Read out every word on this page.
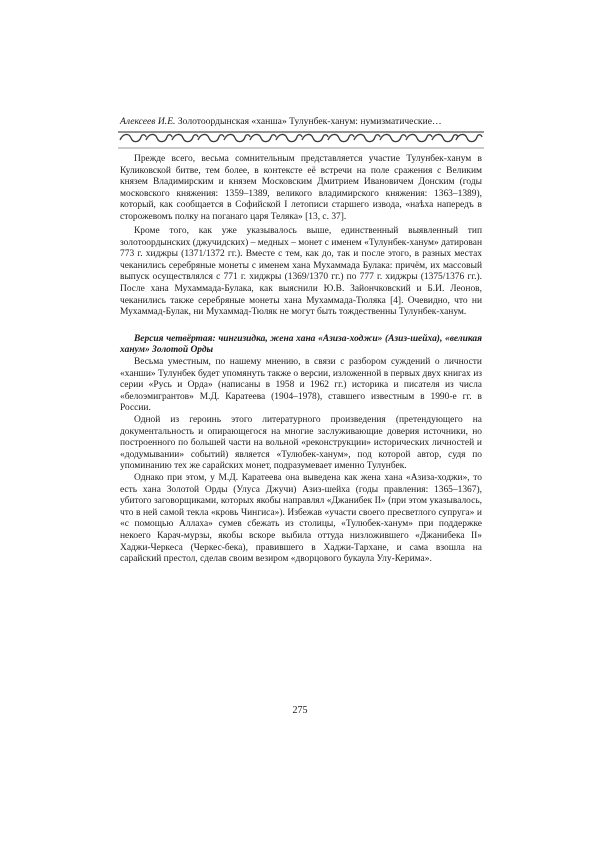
Алексеев И.Е. Золотоордынская «ханша» Тулунбек-ханум: нумизматические…

Прежде всего, весьма сомнительным представляется участие Тулунбек-ханум в Куликовской битве, тем более, в контексте её встречи на поле сражения с Великим князем Владимирским и князем Московским Дмитрием Ивановичем Донским (годы московского княжения: 1359–1389, великого владимирского княжения: 1363–1389), который, как сообщается в Софийской I летописи старшего извода, «наѣха напередъ в сторожевомъ полку на поганаго царя Теляка» [13, с. 37].

Кроме того, как уже указывалось выше, единственный выявленный тип золотоордынских (джучидских) – медных – монет с именем «Тулунбек-ханум» датирован 773 г. хиджры (1371/1372 гг.). Вместе с тем, как до, так и после этого, в разных местах чеканились серебряные монеты с именем хана Мухаммада Булака: причём, их массовый выпуск осуществлялся с 771 г. хиджры (1369/1370 гг.) по 777 г. хиджры (1375/1376 гг.). После хана Мухаммада-Булака, как выяснили Ю.В. Зайончковский и Б.И. Леонов, чеканились также серебряные монеты хана Мухаммада-Тюляка [4]. Очевидно, что ни Мухаммад-Булак, ни Мухаммад-Тюляк не могут быть тождественны Тулунбек-ханум.

Версия четвёртая: чингизидка, жена хана «Азиза-ходжи» (Азиз-шейха), «великая ханум» Золотой Орды

Весьма уместным, по нашему мнению, в связи с разбором суждений о личности «ханши» Тулунбек будет упомянуть также о версии, изложенной в первых двух книгах из серии «Русь и Орда» (написаны в 1958 и 1962 гг.) историка и писателя из числа «белоэмигрантов» М.Д. Каратеева (1904–1978), ставшего известным в 1990-е гг. в России.

Одной из героинь этого литературного произведения (претендующего на документальность и опирающегося на многие заслуживающие доверия источники, но построенного по большей части на вольной «реконструкции» исторических личностей и «додумывании» событий) является «Тулюбек-ханум», под которой автор, судя по упоминанию тех же сарайских монет, подразумевает именно Тулунбек.

Однако при этом, у М.Д. Каратеева она выведена как жена хана «Азиза-ходжи», то есть хана Золотой Орды (Улуса Джучи) Азиз-шейха (годы правления: 1365–1367), убитого заговорщиками, которых якобы направлял «Джанибек II» (при этом указывалось, что в ней самой текла «кровь Чингиса»). Избежав «участи своего пресветлого супруга» и «с помощью Аллаха» сумев сбежать из столицы, «Тулюбек-ханум» при поддержке некоего Карач-мурзы, якобы вскоре выбила оттуда низложившего «Джанибека II» Хаджи-Черкеса (Черкес-бека), правившего в Хаджи-Тархане, и сама взошла на сарайский престол, сделав своим везиром «дворцового букаула Улу-Керима».

275
